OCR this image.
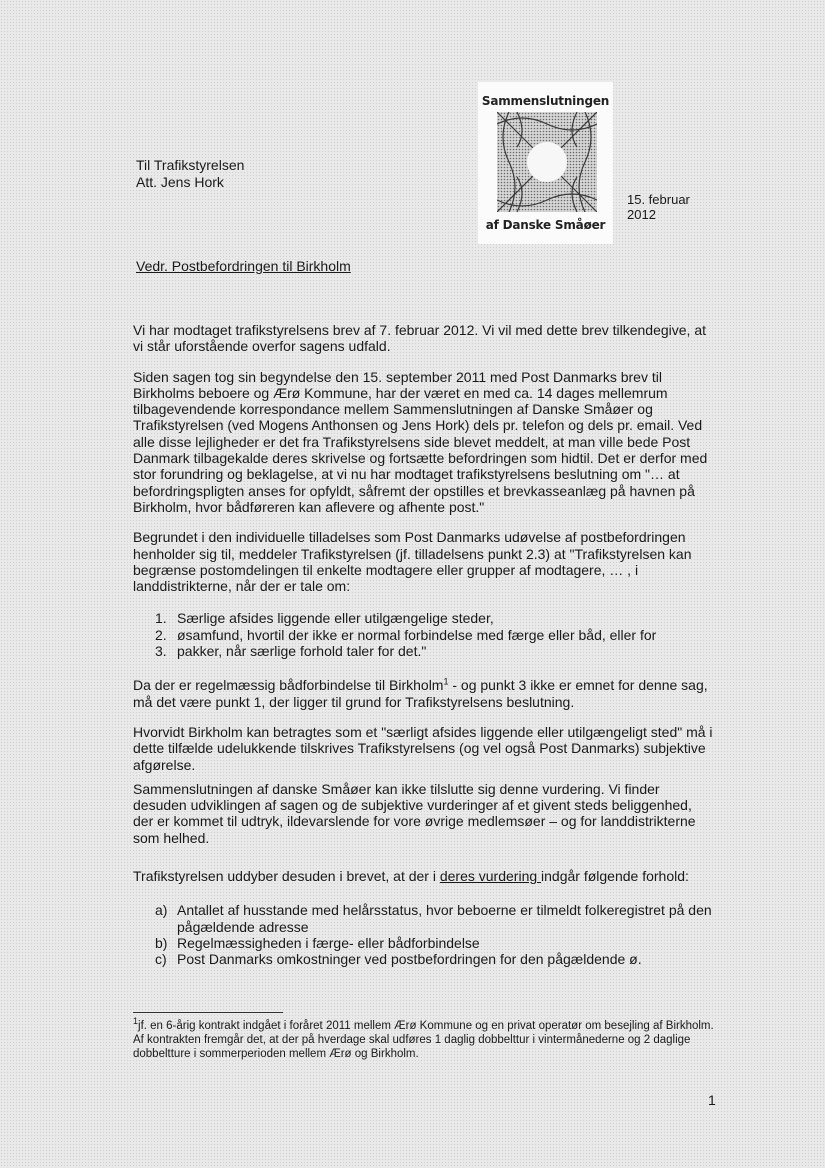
Sammenslutningen
af Danske Småøer
15. februar
2012
Til Trafikstyrelsen
Att. Jens Hork
Vedr. Postbefordringen til Birkholm

Vi har modtaget trafikstyrelsens brev af 7. februar 2012. Vi vil med dette brev tilkendegive, at vi står uforstående overfor sagens udfald.

Siden sagen tog sin begyndelse den 15. september 2011 med Post Danmarks brev til Birkholms beboere og Ærø Kommune, har der været en med ca. 14 dages mellemrum tilbagevendende korrespondance mellem Sammenslutningen af Danske Småøer og Trafikstyrelsen (ved Mogens Anthonsen og Jens Hork) dels pr. telefon og dels pr. email. Ved alle disse lejligheder er det fra Trafikstyrelsens side blevet meddelt, at man ville bede Post Danmark tilbagekalde deres skrivelse og fortsætte befordringen som hidtil. Det er derfor med stor forundring og beklagelse, at vi nu har modtaget trafikstyrelsens beslutning om "… at befordringspligten anses for opfyldt, såfremt der opstilles et brevkasseanlæg på havnen på Birkholm, hvor bådføreren kan aflevere og afhente post."

Begrundet i den individuelle tilladelses som Post Danmarks udøvelse af postbefordringen henholder sig til, meddeler Trafikstyrelsen (jf. tilladelsens punkt 2.3) at "Trafikstyrelsen kan begrænse postomdelingen til enkelte modtagere eller grupper af modtagere, … , i landdistrikterne, når der er tale om:

1. Særlige afsides liggende eller utilgængelige steder,
2. øsamfund, hvortil der ikke er normal forbindelse med færge eller båd, eller for
3. pakker, når særlige forhold taler for det."

Da der er regelmæssig bådforbindelse til Birkholm$^1$ - og punkt 3 ikke er emnet for denne sag, må det være punkt 1, der ligger til grund for Trafikstyrelsens beslutning.

Hvorvidt Birkholm kan betragtes som et "særligt afsides liggende eller utilgængeligt sted" må i dette tilfælde udelukkende tilskrives Trafikstyrelsens (og vel også Post Danmarks) subjektive afgørelse.

Sammenslutningen af danske Småøer kan ikke tilslutte sig denne vurdering. Vi finder desuden udviklingen af sagen og de subjektive vurderinger af et givent steds beliggenhed, der er kommet til udtryk, ildevarslende for vore øvrige medlemsøer – og for landdistrikterne som helhed.

Trafikstyrelsen uddyber desuden i brevet, at der i deres vurdering indgår følgende forhold:

a) Antallet af husstande med helårsstatus, hvor beboerne er tilmeldt folkeregistret på den pågældende adresse
b) Regelmæssigheden i færge- eller bådforbindelse
c) Post Danmarks omkostninger ved postbefordringen for den pågældende ø.
$^1$jf. en 6-årig kontrakt indgået i foråret 2011 mellem Ærø Kommune og en privat operatør om besejling af Birkholm. Af kontrakten fremgår det, at der på hverdage skal udføres 1 daglig dobbelttur i vintermånederne og 2 daglige dobbeltture i sommerperioden mellem Ærø og Birkholm.
1
